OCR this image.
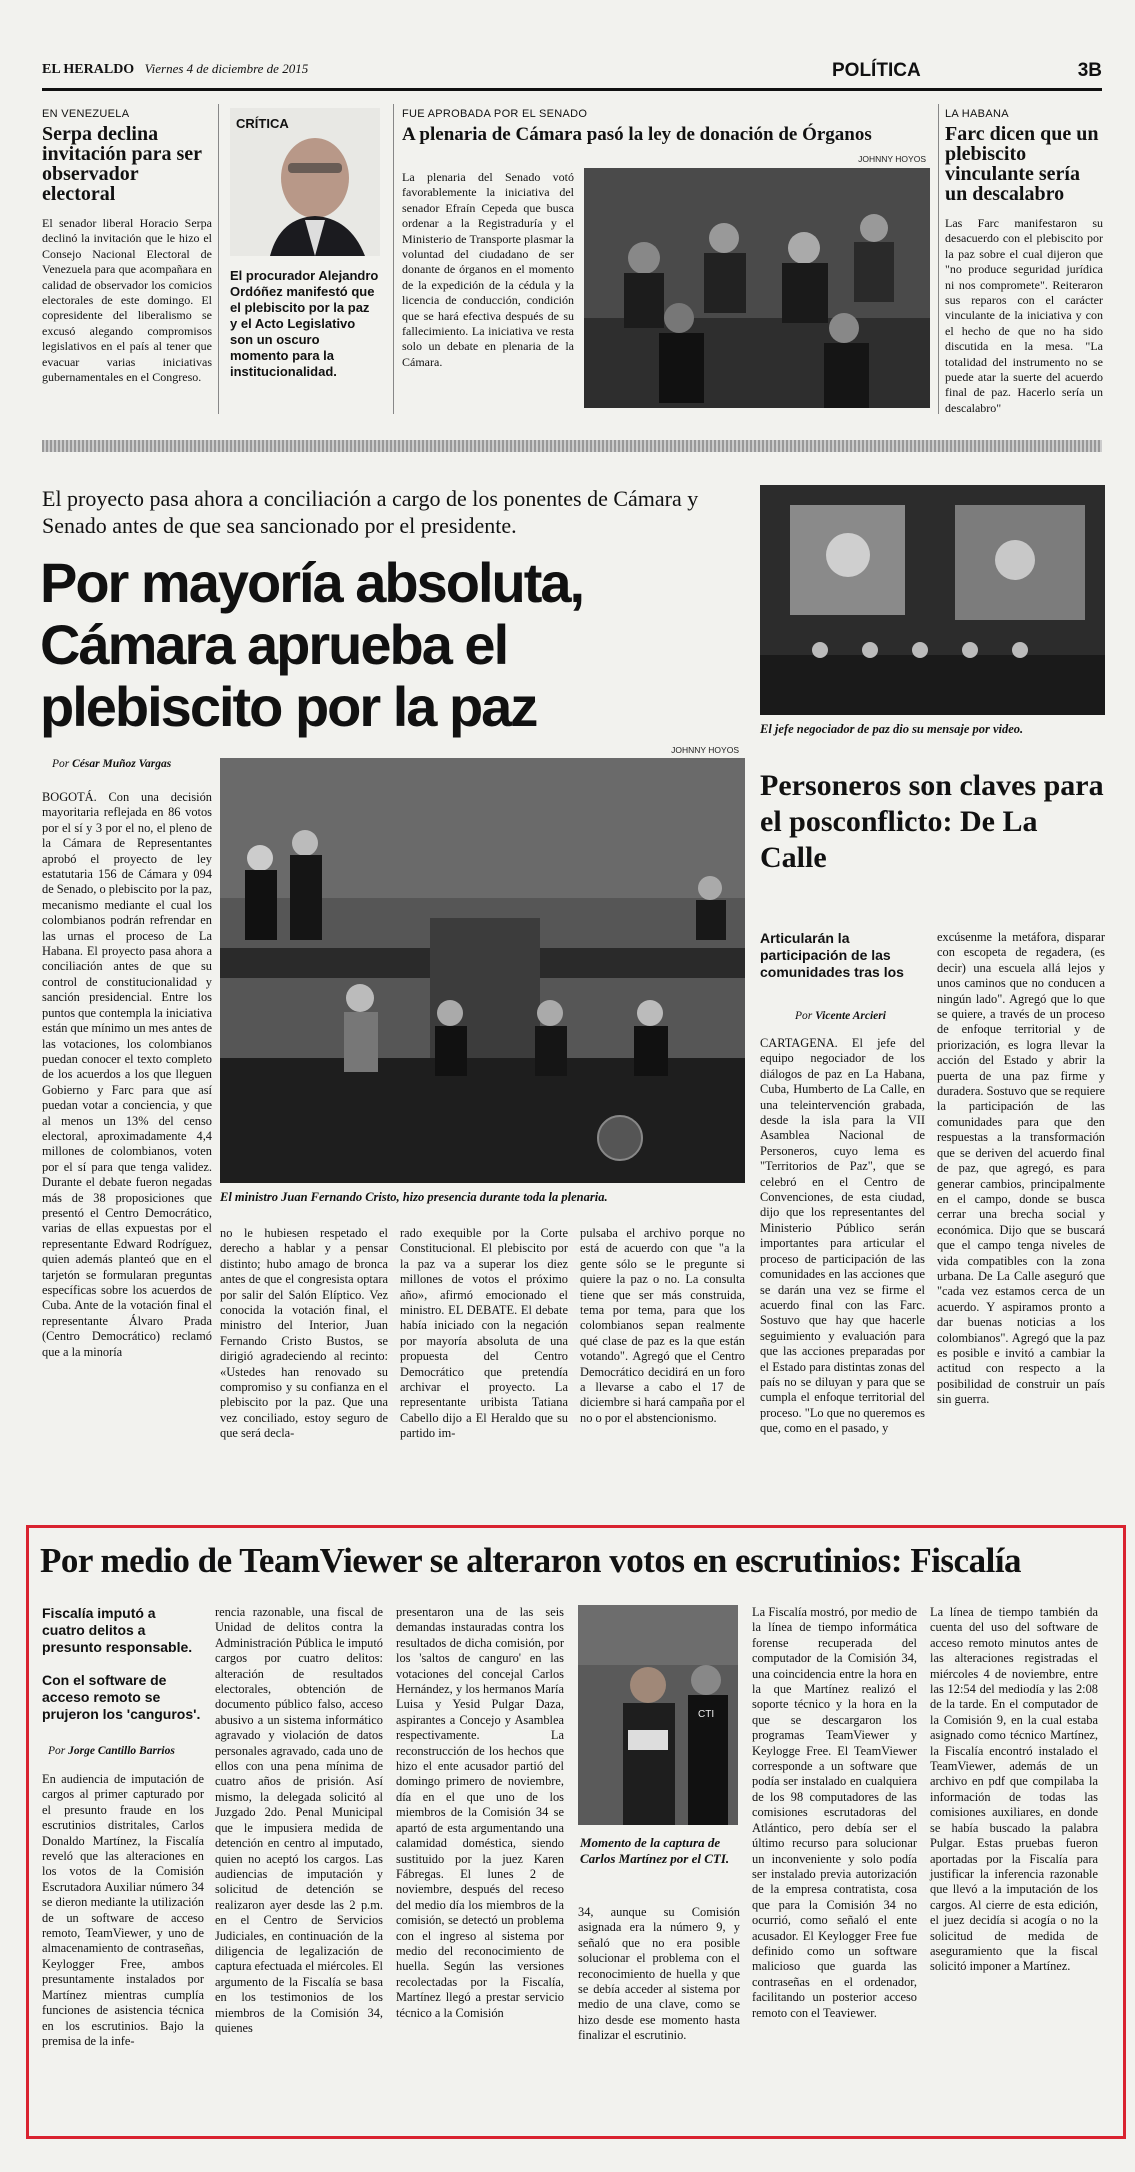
EL HERALDO Viernes 4 de diciembre de 2015	POLÍTICA	3B
EN VENEZUELA
Serpa declina invitación para ser observador electoral
El senador liberal Horacio Serpa declinó la invitación que le hizo el Consejo Nacional Electoral de Venezuela para que acompañara en calidad de observador los comicios electorales de este domingo. El copresidente del liberalismo se excusó alegando compromisos legislativos en el país al tener que evacuar varias iniciativas gubernamentales en el Congreso.
CRÍTICA
El procurador Alejandro Ordóñez manifestó que el plebiscito por la paz y el Acto Legislativo son un oscuro momento para la institucionalidad.
FUE APROBADA POR EL SENADO
A plenaria de Cámara pasó la ley de donación de Órganos
La plenaria del Senado votó favorablemente la iniciativa del senador Efraín Cepeda que busca ordenar a la Registraduría y el Ministerio de Transporte plasmar la voluntad del ciudadano de ser donante de órganos en el momento de la expedición de la cédula y la licencia de conducción, condición que se hará efectiva después de su fallecimiento. La iniciativa ve resta solo un debate en plenaria de la Cámara.
JOHNNY HOYOS
LA HABANA
Farc dicen que un plebiscito vinculante sería un descalabro
Las Farc manifestaron su desacuerdo con el plebiscito por la paz sobre el cual dijeron que "no produce seguridad jurídica ni nos compromete". Reiteraron sus reparos con el carácter vinculante de la iniciativa y con el hecho de que no ha sido discutida en la mesa. "La totalidad del instrumento no se puede atar la suerte del acuerdo final de paz. Hacerlo sería un descalabro"
El proyecto pasa ahora a conciliación a cargo de los ponentes de Cámara y Senado antes de que sea sancionado por el presidente.
Por mayoría absoluta, Cámara aprueba el plebiscito por la paz
Por César Muñoz Vargas
BOGOTÁ. Con una decisión mayoritaria reflejada en 86 votos por el sí y 3 por el no, el pleno de la Cámara de Representantes aprobó el proyecto de ley estatutaria 156 de Cámara y 094 de Senado, o plebiscito por la paz, mecanismo mediante el cual los colombianos podrán refrendar en las urnas el proceso de La Habana. El proyecto pasa ahora a conciliación antes de que su control de constitucionalidad y sanción presidencial. Entre los puntos que contempla la iniciativa están que mínimo un mes antes de las votaciones, los colombianos puedan conocer el texto completo de los acuerdos a los que lleguen Gobierno y Farc para que así puedan votar a conciencia, y que al menos un 13% del censo electoral, aproximadamente 4,4 millones de colombianos, voten por el sí para que tenga validez. Durante el debate fueron negadas más de 38 proposiciones que presentó el Centro Democrático, varias de ellas expuestas por el representante Edward Rodríguez, quien además planteó que en el tarjetón se formularan preguntas específicas sobre los acuerdos de Cuba. Ante de la votación final el representante Álvaro Prada (Centro Democrático) reclamó que a la minoría
JOHNNY HOYOS
El ministro Juan Fernando Cristo, hizo presencia durante toda la plenaria.
no le hubiesen respetado el derecho a hablar y a pensar distinto; hubo amago de bronca antes de que el congresista optara por salir del Salón Elíptico. Vez conocida la votación final, el ministro del Interior, Juan Fernando Cristo Bustos, se dirigió agradeciendo al recinto: «Ustedes han renovado su compromiso y su confianza en el plebiscito por la paz. Que una vez conciliado, estoy seguro de que será decla-
rado exequible por la Corte Constitucional. El plebiscito por la paz va a superar los diez millones de votos el próximo año», afirmó emocionado el ministro. EL DEBATE. El debate había iniciado con la negación por mayoría absoluta de una propuesta del Centro Democrático que pretendía archivar el proyecto. La representante uribista Tatiana Cabello dijo a El Heraldo que su partido im-
pulsaba el archivo porque no está de acuerdo con que "a la gente sólo se le pregunte si quiere la paz o no. La consulta tiene que ser más construida, tema por tema, para que los colombianos sepan realmente qué clase de paz es la que están votando". Agregó que el Centro Democrático decidirá en un foro a llevarse a cabo el 17 de diciembre si hará campaña por el no o por el abstencionismo.
El jefe negociador de paz dio su mensaje por video.
Personeros son claves para el posconflicto: De La Calle
Articularán la participación de las comunidades tras los
Por Vicente Arcieri
CARTAGENA. El jefe del equipo negociador de los diálogos de paz en La Habana, Cuba, Humberto de La Calle, en una teleintervención grabada, desde la isla para la VII Asamblea Nacional de Personeros, cuyo lema es "Territorios de Paz", que se celebró en el Centro de Convenciones, de esta ciudad, dijo que los representantes del Ministerio Público serán importantes para articular el proceso de participación de las comunidades en las acciones que se darán una vez se firme el acuerdo final con las Farc. Sostuvo que hay que hacerle seguimiento y evaluación para que las acciones preparadas por el Estado para distintas zonas del país no se diluyan y para que se cumpla el enfoque territorial del proceso. "Lo que no queremos es que, como en el pasado, y
excúsenme la metáfora, disparar con escopeta de regadera, (es decir) una escuela allá lejos y unos caminos que no conducen a ningún lado". Agregó que lo que se quiere, a través de un proceso de enfoque territorial y de priorización, es logra llevar la acción del Estado y abrir la puerta de una paz firme y duradera. Sostuvo que se requiere la participación de las comunidades para que den respuestas a la transformación que se deriven del acuerdo final de paz, que agregó, es para generar cambios, principalmente en el campo, donde se busca cerrar una brecha social y económica. Dijo que se buscará que el campo tenga niveles de vida compatibles con la zona urbana. De La Calle aseguró que "cada vez estamos cerca de un acuerdo. Y aspiramos pronto a dar buenas noticias a los colombianos". Agregó que la paz es posible e invitó a cambiar la actitud con respecto a la posibilidad de construir un país sin guerra.
Por medio de TeamViewer se alteraron votos en escrutinios: Fiscalía
Fiscalía imputó a cuatro delitos a presunto responsable.
Con el software de acceso remoto se prujeron los 'canguros'.
Por Jorge Cantillo Barrios
En audiencia de imputación de cargos al primer capturado por el presunto fraude en los escrutinios distritales, Carlos Donaldo Martínez, la Fiscalía reveló que las alteraciones en los votos de la Comisión Escrutadora Auxiliar número 34 se dieron mediante la utilización de un software de acceso remoto, TeamViewer, y uno de almacenamiento de contraseñas, Keylogger Free, ambos presuntamente instalados por Martínez mientras cumplía funciones de asistencia técnica en los escrutinios. Bajo la premisa de la infe-
rencia razonable, una fiscal de Unidad de delitos contra la Administración Pública le imputó cargos por cuatro delitos: alteración de resultados electorales, obtención de documento público falso, acceso abusivo a un sistema informático agravado y violación de datos personales agravado, cada uno de ellos con una pena mínima de cuatro años de prisión. Así mismo, la delegada solicitó al Juzgado 2do. Penal Municipal que le impusiera medida de detención en centro al imputado, quien no aceptó los cargos. Las audiencias de imputación y solicitud de detención se realizaron ayer desde las 2 p.m. en el Centro de Servicios Judiciales, en continuación de la diligencia de legalización de captura efectuada el miércoles. El argumento de la Fiscalía se basa en los testimonios de los miembros de la Comisión 34, quienes
presentaron una de las seis demandas instauradas contra los resultados de dicha comisión, por los 'saltos de canguro' en las votaciones del concejal Carlos Hernández, y los hermanos María Luisa y Yesid Pulgar Daza, aspirantes a Concejo y Asamblea respectivamente. La reconstrucción de los hechos que hizo el ente acusador partió del domingo primero de noviembre, día en el que uno de los miembros de la Comisión 34 se apartó de esta argumentando una calamidad doméstica, siendo sustituido por la juez Karen Fábregas. El lunes 2 de noviembre, después del receso del medio día los miembros de la comisión, se detectó un problema con el ingreso al sistema por medio del reconocimiento de huella. Según las versiones recolectadas por la Fiscalía, Martínez llegó a prestar servicio técnico a la Comisión
CTI
Momento de la captura de Carlos Martínez por el CTI.
34, aunque su Comisión asignada era la número 9, y señaló que no era posible solucionar el problema con el reconocimiento de huella y que se debía acceder al sistema por medio de una clave, como se hizo desde ese momento hasta finalizar el escrutinio.
La Fiscalía mostró, por medio de la línea de tiempo informática forense recuperada del computador de la Comisión 34, una coincidencia entre la hora en la que Martínez realizó el soporte técnico y la hora en la que se descargaron los programas TeamViewer y Keylogge Free. El TeamViewer corresponde a un software que podía ser instalado en cualquiera de los 98 computadores de las comisiones escrutadoras del Atlántico, pero debía ser el último recurso para solucionar un inconveniente y solo podía ser instalado previa autorización de la empresa contratista, cosa que para la Comisión 34 no ocurrió, como señaló el ente acusador. El Keylogger Free fue definido como un software malicioso que guarda las contraseñas en el ordenador, facilitando un posterior acceso remoto con el Teaviewer.
La línea de tiempo también da cuenta del uso del software de acceso remoto minutos antes de las alteraciones registradas el miércoles 4 de noviembre, entre las 12:54 del mediodía y las 2:08 de la tarde. En el computador de la Comisión 9, en la cual estaba asignado como técnico Martínez, la Fiscalía encontró instalado el TeamViewer, además de un archivo en pdf que compilaba la información de todas las comisiones auxiliares, en donde se había buscado la palabra Pulgar. Estas pruebas fueron aportadas por la Fiscalía para justificar la inferencia razonable que llevó a la imputación de los cargos. Al cierre de esta edición, el juez decidía si acogía o no la solicitud de medida de aseguramiento que la fiscal solicitó imponer a Martínez.
